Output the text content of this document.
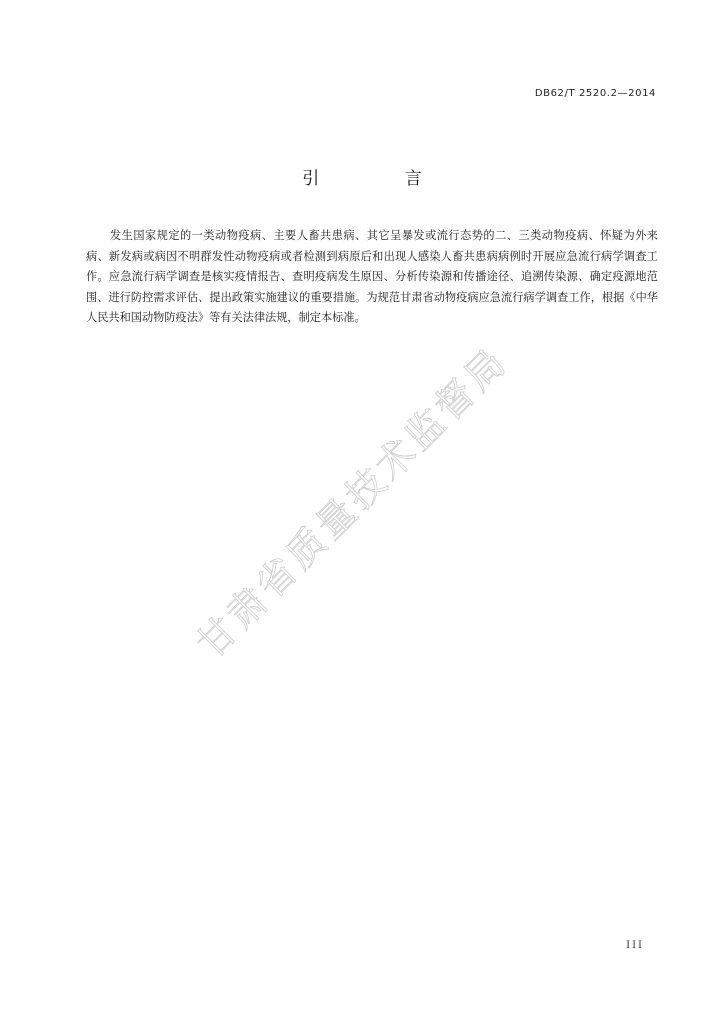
DB62/T 2520.2—2014
引 言

发生国家规定的一类动物疫病、主要人畜共患病、其它呈暴发或流行态势的二、三类动物疫病、怀疑为外来病、新发病或病因不明群发性动物疫病或者检测到病原后和出现人感染人畜共患病病例时开展应急流行病学调查工作。应急流行病学调查是核实疫情报告、查明疫病发生原因、分析传染源和传播途径、追溯传染源、确定疫源地范围、进行防控需求评估、提出政策实施建议的重要措施。为规范甘肃省动物疫病应急流行病学调查工作，根据《中华人民共和国动物防疫法》等有关法律法规，制定本标准。

甘肃省质量技术监督局
III
